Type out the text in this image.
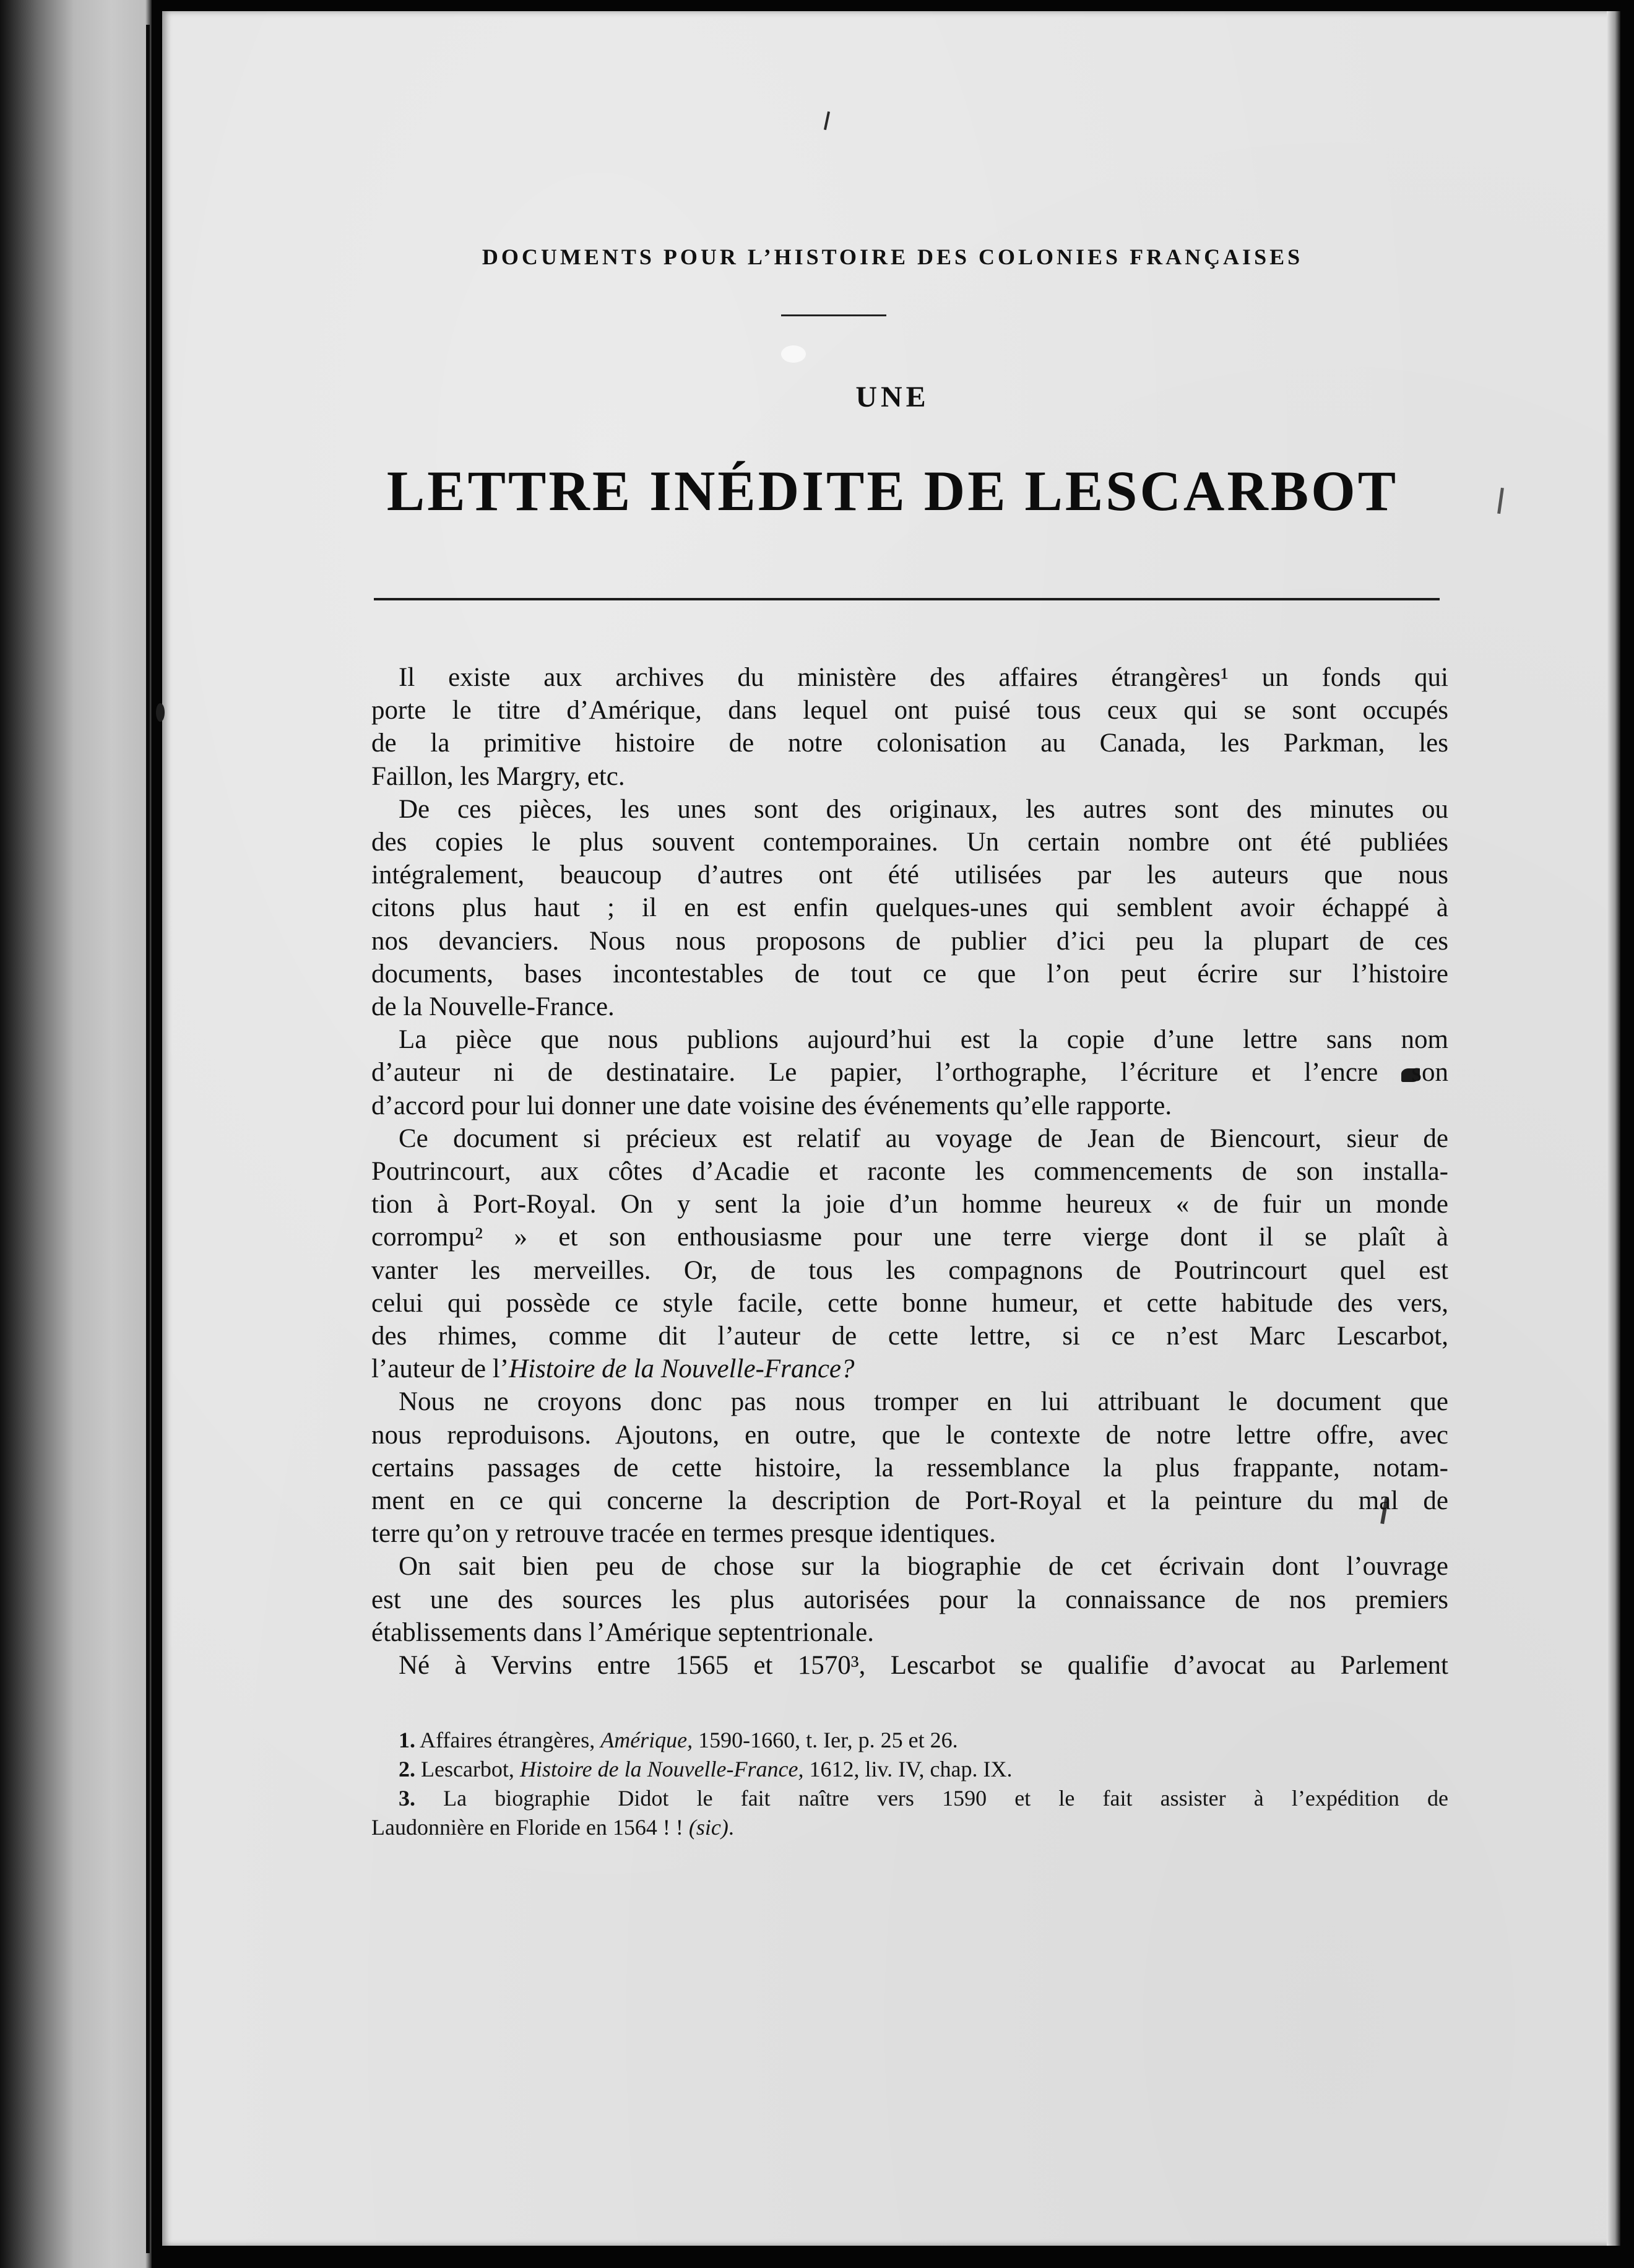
DOCUMENTS POUR L’HISTOIRE DES COLONIES FRANÇAISES
UNE
LETTRE INÉDITE DE LESCARBOT
Il existe aux archives du ministère des affaires étrangères¹ un fonds qui
porte le titre d’Amérique, dans lequel ont puisé tous ceux qui se sont occupés
de la primitive histoire de notre colonisation au Canada, les Parkman, les
Faillon, les Margry, etc.
De ces pièces, les unes sont des originaux, les autres sont des minutes ou
des copies le plus souvent contemporaines. Un certain nombre ont été publiées
intégralement, beaucoup d’autres ont été utilisées par les auteurs que nous
citons plus haut ; il en est enfin quelques-unes qui semblent avoir échappé à
nos devanciers. Nous nous proposons de publier d’ici peu la plupart de ces
documents, bases incontestables de tout ce que l’on peut écrire sur l’histoire
de la Nouvelle-France.
La pièce que nous publions aujourd’hui est la copie d’une lettre sans nom
d’auteur ni de destinataire. Le papier, l’orthographe, l’écriture et l’encre son
d’accord pour lui donner une date voisine des événements qu’elle rapporte.
Ce document si précieux est relatif au voyage de Jean de Biencourt, sieur de
Poutrincourt, aux côtes d’Acadie et raconte les commencements de son installa-
tion à Port-Royal. On y sent la joie d’un homme heureux « de fuir un monde
corrompu² » et son enthousiasme pour une terre vierge dont il se plaît à
vanter les merveilles. Or, de tous les compagnons de Poutrincourt quel est
celui qui possède ce style facile, cette bonne humeur, et cette habitude des vers,
des rhimes, comme dit l’auteur de cette lettre, si ce n’est Marc Lescarbot,
l’auteur de l’Histoire de la Nouvelle-France?
Nous ne croyons donc pas nous tromper en lui attribuant le document que
nous reproduisons. Ajoutons, en outre, que le contexte de notre lettre offre, avec
certains passages de cette histoire, la ressemblance la plus frappante, notam-
ment en ce qui concerne la description de Port-Royal et la peinture du mal de
terre qu’on y retrouve tracée en termes presque identiques.
On sait bien peu de chose sur la biographie de cet écrivain dont l’ouvrage
est une des sources les plus autorisées pour la connaissance de nos premiers
établissements dans l’Amérique septentrionale.
Né à Vervins entre 1565 et 1570³, Lescarbot se qualifie d’avocat au Parlement
1. Affaires étrangères, Amérique, 1590-1660, t. Ier, p. 25 et 26.
2. Lescarbot, Histoire de la Nouvelle-France, 1612, liv. IV, chap. IX.
3. La biographie Didot le fait naître vers 1590 et le fait assister à l’expédition de
Laudonnière en Floride en 1564 ! ! (sic).
